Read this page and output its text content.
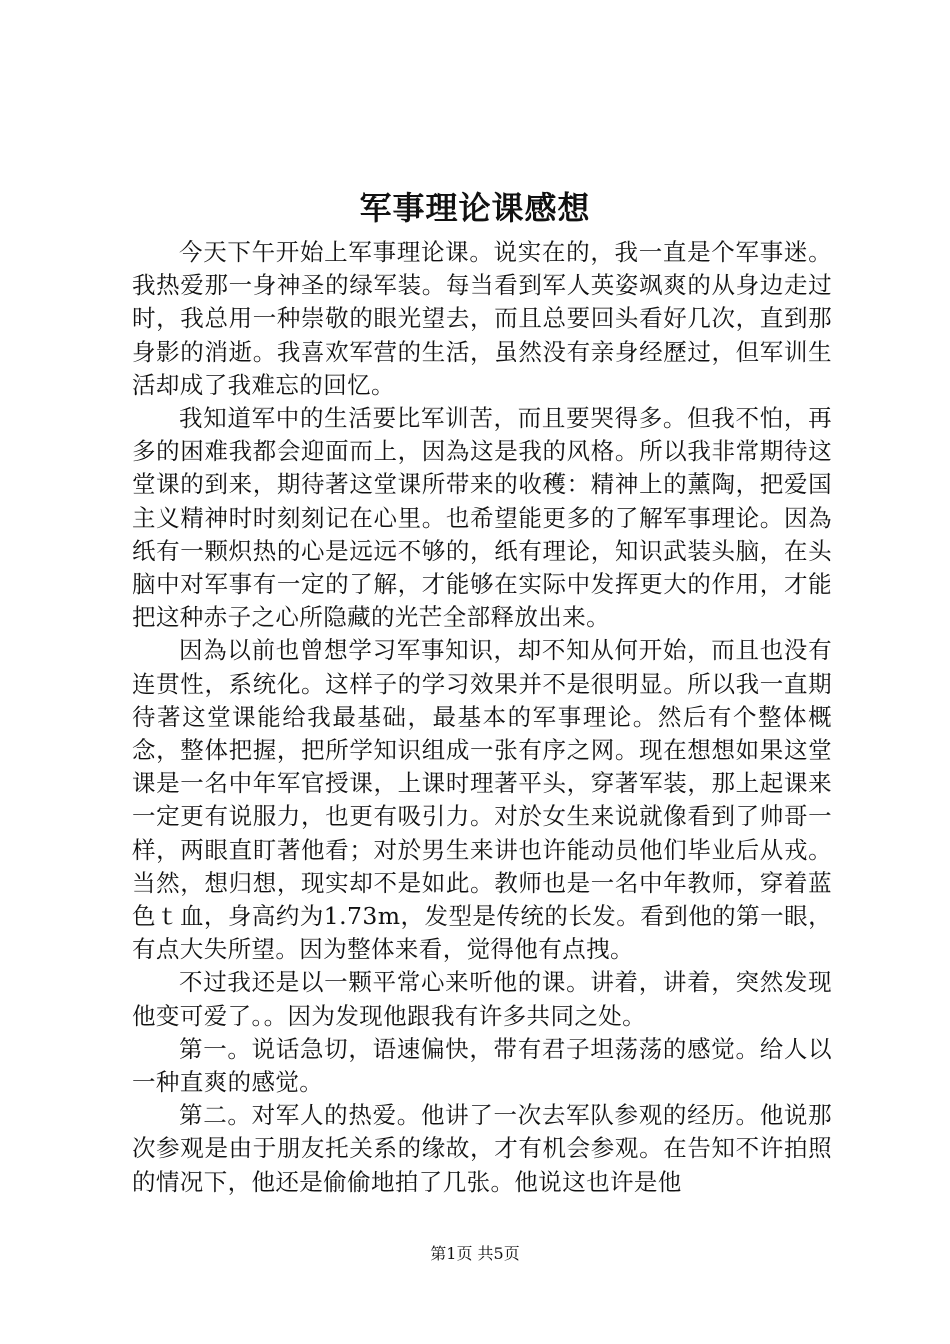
军事理论课感想

今天下午开始上军事理论课。说实在的，我一直是个军事迷。我热爱那一身神圣的绿军装。每当看到军人英姿飒爽的从身边走过时，我总用一种崇敬的眼光望去，而且总要回头看好几次，直到那身影的消逝。我喜欢军营的生活，虽然没有亲身经歷过，但军训生活却成了我难忘的回忆。

我知道军中的生活要比军训苦，而且要哭得多。但我不怕，再多的困难我都会迎面而上，因為这是我的风格。所以我非常期待这堂课的到来，期待著这堂课所带来的收穫：精神上的薰陶，把爱国主义精神时时刻刻记在心里。也希望能更多的了解军事理论。因為纸有一颗炽热的心是远远不够的，纸有理论，知识武装头脑，在头脑中对军事有一定的了解，才能够在实际中发挥更大的作用，才能把这种赤子之心所隐藏的光芒全部释放出来。

因為以前也曾想学习军事知识，却不知从何开始，而且也没有连贯性，系统化。这样子的学习效果并不是很明显。所以我一直期待著这堂课能给我最基础，最基本的军事理论。然后有个整体概念，整体把握，把所学知识组成一张有序之网。现在想想如果这堂课是一名中年军官授课，上课时理著平头，穿著军装，那上起课来一定更有说服力，也更有吸引力。对於女生来说就像看到了帅哥一样，两眼直盯著他看；对於男生来讲也许能动员他们毕业后从戎。当然，想归想，现实却不是如此。教师也是一名中年教师，穿着蓝色ｔ血，身高约为1.73m，发型是传统的长发。看到他的第一眼，有点大失所望。因为整体来看，觉得他有点拽。

不过我还是以一颗平常心来听他的课。讲着，讲着，突然发现他变可爱了。。因为发现他跟我有许多共同之处。

第一。说话急切，语速偏快，带有君子坦荡荡的感觉。给人以一种直爽的感觉。

第二。对军人的热爱。他讲了一次去军队参观的经历。他说那次参观是由于朋友托关系的缘故，才有机会参观。在告知不许拍照的情况下，他还是偷偷地拍了几张。他说这也许是他

第1页 共5页
